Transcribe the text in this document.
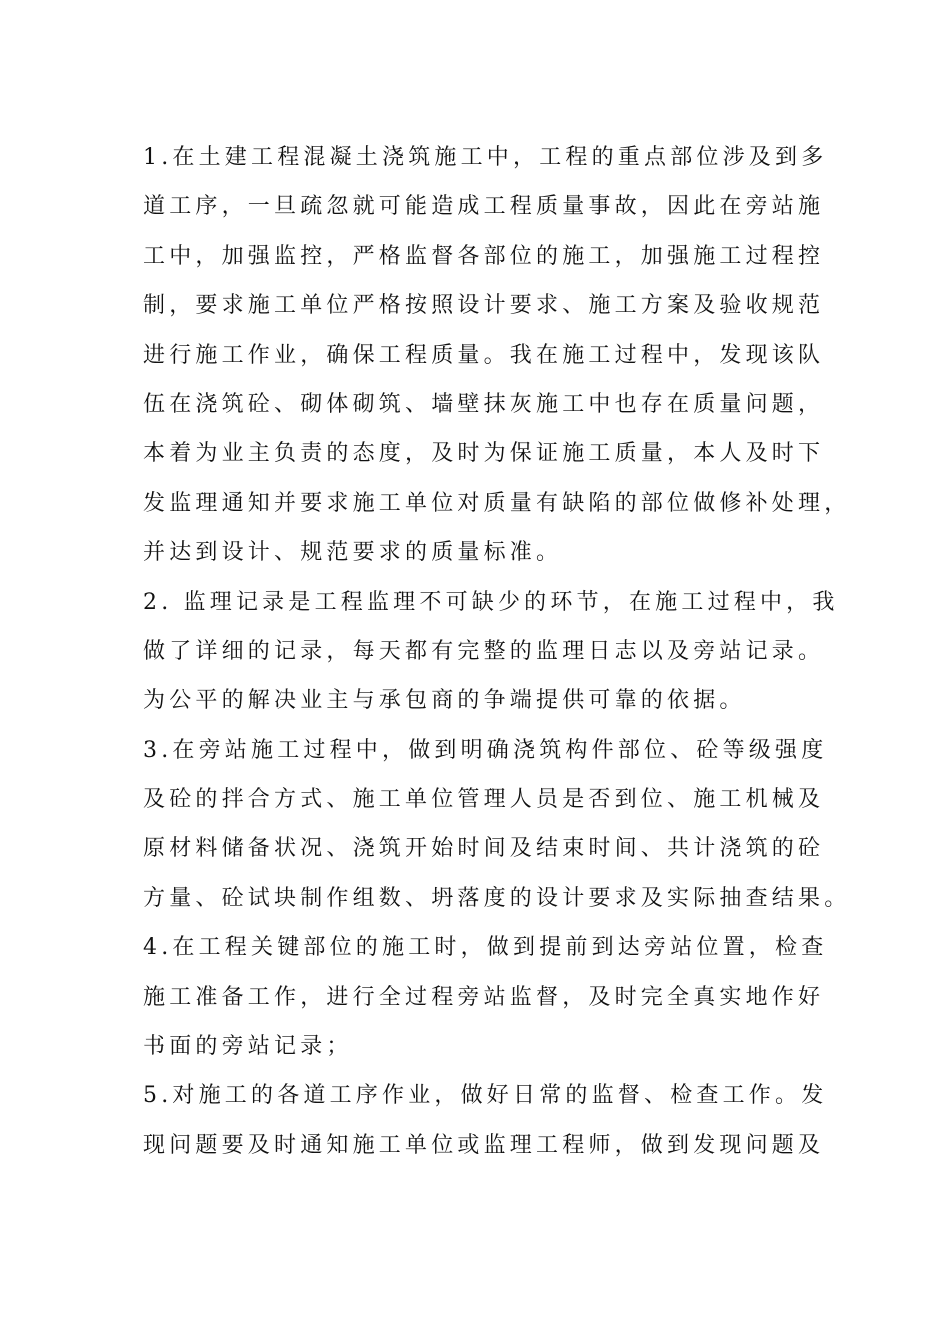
1.在土建工程混凝土浇筑施工中，工程的重点部位涉及到多
道工序，一旦疏忽就可能造成工程质量事故，因此在旁站施
工中，加强监控，严格监督各部位的施工，加强施工过程控
制，要求施工单位严格按照设计要求、施工方案及验收规范
进行施工作业，确保工程质量。我在施工过程中，发现该队
伍在浇筑砼、砌体砌筑、墙壁抹灰施工中也存在质量问题，
本着为业主负责的态度，及时为保证施工质量，本人及时下
发监理通知并要求施工单位对质量有缺陷的部位做修补处理，
并达到设计、规范要求的质量标准。
2. 监理记录是工程监理不可缺少的环节，在施工过程中，我
做了详细的记录，每天都有完整的监理日志以及旁站记录。
为公平的解决业主与承包商的争端提供可靠的依据。
3.在旁站施工过程中，做到明确浇筑构件部位、砼等级强度
及砼的拌合方式、施工单位管理人员是否到位、施工机械及
原材料储备状况、浇筑开始时间及结束时间、共计浇筑的砼
方量、砼试块制作组数、坍落度的设计要求及实际抽查结果。
4.在工程关键部位的施工时，做到提前到达旁站位置，检查
施工准备工作，进行全过程旁站监督，及时完全真实地作好
书面的旁站记录；
5.对施工的各道工序作业，做好日常的监督、检查工作。发
现问题要及时通知施工单位或监理工程师，做到发现问题及
